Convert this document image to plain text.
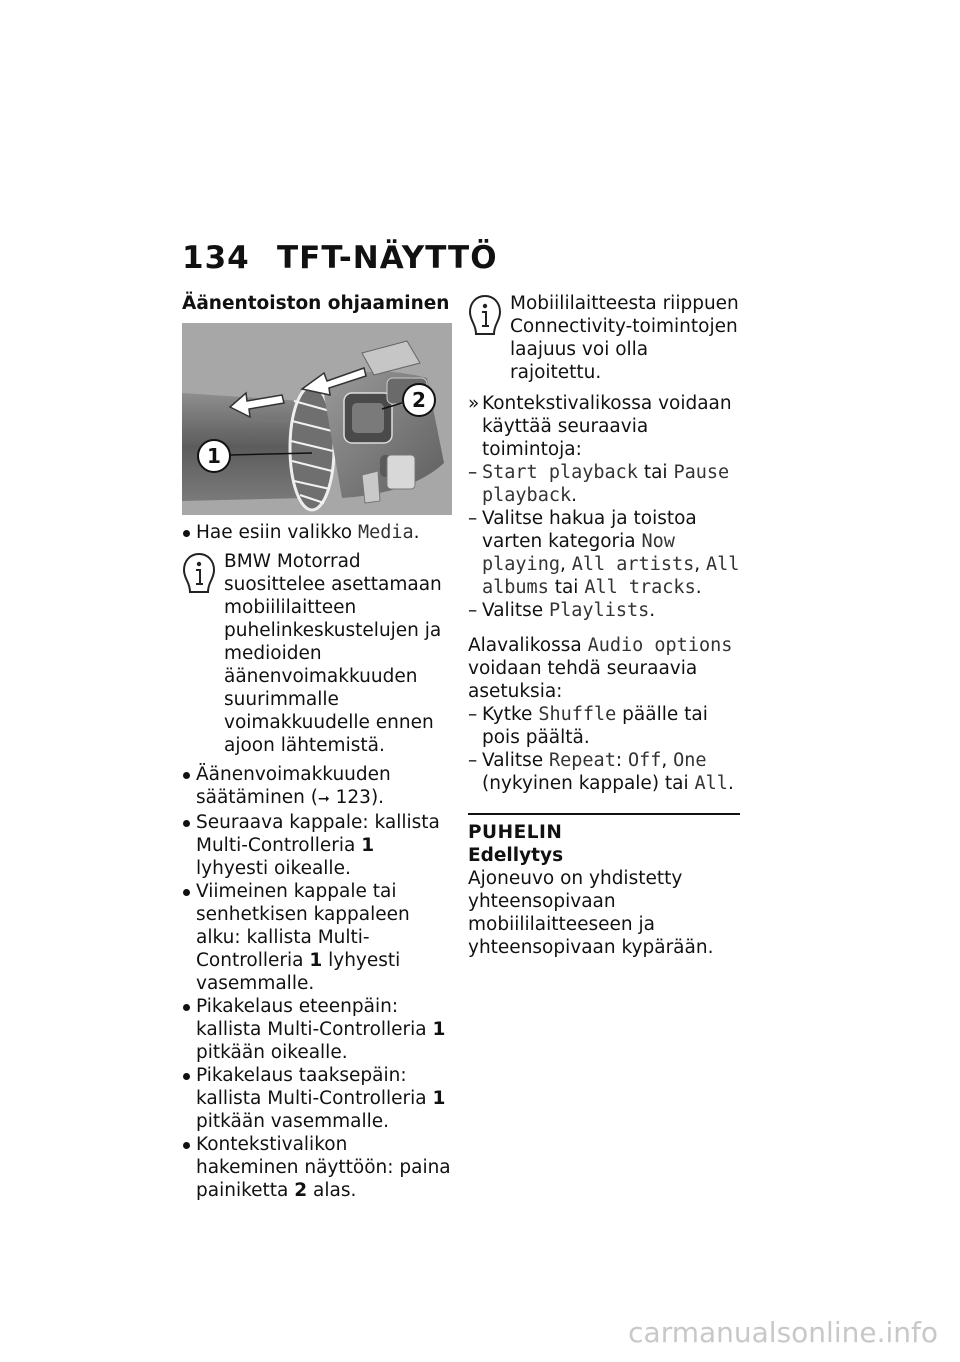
134 TFT-NÄYTTÖ

Äänentoiston ohjaaminen

1
2

Hae esiin valikko Media.

BMW Motorrad suosittelee asettamaan mobiililaitteen puhelinkeskustelujen ja medioiden äänenvoimakkuuden suurimmalle voimakkuudelle ennen ajoon lähtemistä.

Äänenvoimakkuuden säätäminen (➞ 123).

Seuraava kappale: kallista Multi-Controlleria 1 lyhyesti oikealle.

Viimeinen kappale tai senhetkisen kappaleen alku: kallista Multi-Controlleria 1 lyhyesti vasemmalle.

Pikakelaus eteenpäin: kallista Multi-Controlleria 1 pitkään oikealle.

Pikakelaus taaksepäin: kallista Multi-Controlleria 1 pitkään vasemmalle.

Kontekstivalikon hakeminen näyttöön: paina painiketta 2 alas.

Mobiililaitteesta riippuen Connectivity-toimintojen laajuus voi olla rajoitettu.

» Kontekstivalikossa voidaan käyttää seuraavia toimintoja:

– Start playback tai Pause playback.

– Valitse hakua ja toistoa varten kategoria Now playing, All artists, All albums tai All tracks.

– Valitse Playlists.

Alavalikossa Audio options voidaan tehdä seuraavia asetuksia:

– Kytke Shuffle päälle tai pois päältä.

– Valitse Repeat: Off, One (nykyinen kappale) tai All.

PUHELIN

Edellytys

Ajoneuvo on yhdistetty yhteensopivaan mobiililaitteeseen ja yhteensopivaan kypärään.

carmanualsonline.info
